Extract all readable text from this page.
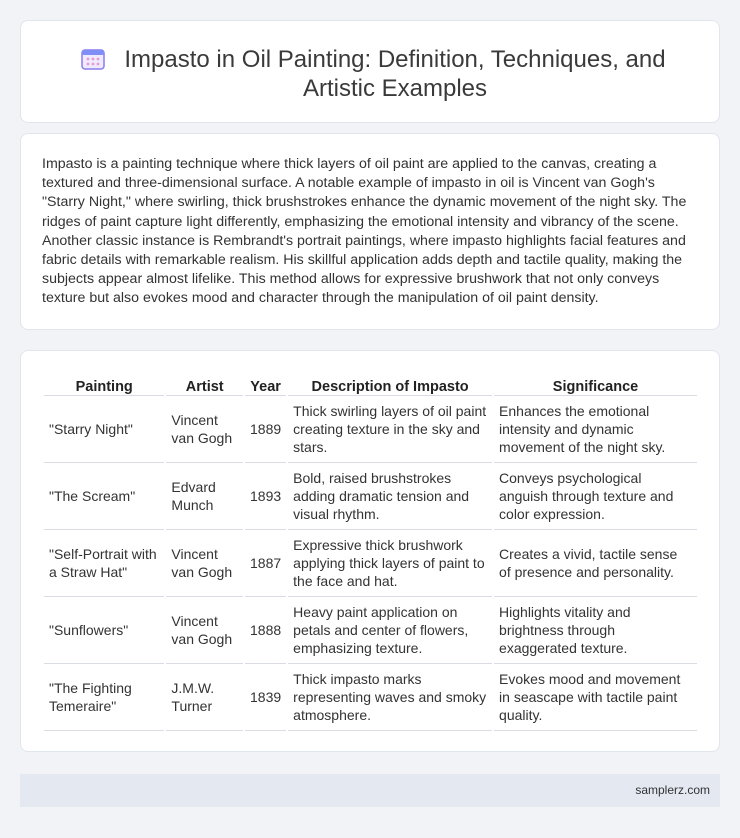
Impasto in Oil Painting: Definition, Techniques, and Artistic Examples

Impasto is a painting technique where thick layers of oil paint are applied to the canvas, creating a textured and three-dimensional surface. A notable example of impasto in oil is Vincent van Gogh's "Starry Night," where swirling, thick brushstrokes enhance the dynamic movement of the night sky. The ridges of paint capture light differently, emphasizing the emotional intensity and vibrancy of the scene. Another classic instance is Rembrandt's portrait paintings, where impasto highlights facial features and fabric details with remarkable realism. His skillful application adds depth and tactile quality, making the subjects appear almost lifelike. This method allows for expressive brushwork that not only conveys texture but also evokes mood and character through the manipulation of oil paint density.

Painting	Artist	Year	Description of Impasto	Significance
"Starry Night"	Vincent van Gogh	1889	Thick swirling layers of oil paint creating texture in the sky and stars.	Enhances the emotional intensity and dynamic movement of the night sky.
"The Scream"	Edvard Munch	1893	Bold, raised brushstrokes adding dramatic tension and visual rhythm.	Conveys psychological anguish through texture and color expression.
"Self-Portrait with a Straw Hat"	Vincent van Gogh	1887	Expressive thick brushwork applying thick layers of paint to the face and hat.	Creates a vivid, tactile sense of presence and personality.
"Sunflowers"	Vincent van Gogh	1888	Heavy paint application on petals and center of flowers, emphasizing texture.	Highlights vitality and brightness through exaggerated texture.
"The Fighting Temeraire"	J.M.W. Turner	1839	Thick impasto marks representing waves and smoky atmosphere.	Evokes mood and movement in seascape with tactile paint quality.
samplerz.com
